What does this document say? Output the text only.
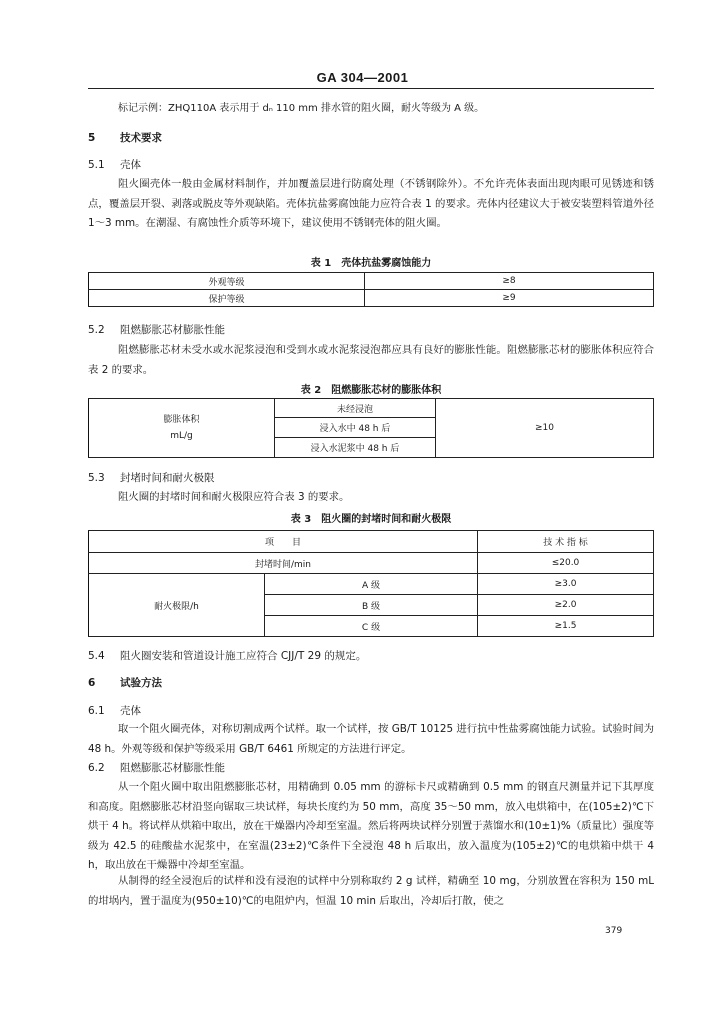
GA 304—2001
标记示例：ZHQ110A 表示用于 dₙ 110 mm 排水管的阻火圈，耐火等级为 A 级。
5 技术要求
5.1 壳体
阻火圈壳体一般由金属材料制作，并加覆盖层进行防腐处理（不锈钢除外）。不允许壳体表面出现肉眼可见锈迹和锈点，覆盖层开裂、剥落或脱皮等外观缺陷。壳体抗盐雾腐蚀能力应符合表 1 的要求。壳体内径建议大于被安装塑料管道外径 1～3 mm。在潮湿、有腐蚀性介质等环境下，建议使用不锈钢壳体的阻火圈。
表 1　壳体抗盐雾腐蚀能力
外观等级	≥8
保护等级	≥9
5.2 阻燃膨胀芯材膨胀性能
阻燃膨胀芯材未受水或水泥浆浸泡和受到水或水泥浆浸泡都应具有良好的膨胀性能。阻燃膨胀芯材的膨胀体积应符合表 2 的要求。
表 2　阻燃膨胀芯材的膨胀体积
膨胀体积
mL/g
	未经浸泡	≥10
浸入水中 48 h 后
浸入水泥浆中 48 h 后
5.3 封堵时间和耐火极限
阻火圈的封堵时间和耐火极限应符合表 3 的要求。
表 3　阻火圈的封堵时间和耐火极限
项　　目		技 术 指 标
封堵时间/min		≤20.0
耐火极限/h	A 级	≥3.0
	B 级	≥2.0
	C 级	≥1.5
5.4 阻火圈安装和管道设计施工应符合 CJJ/T 29 的规定。
6 试验方法
6.1 壳体
取一个阻火圈壳体，对称切割成两个试样。取一个试样，按 GB/T 10125 进行抗中性盐雾腐蚀能力试验。试验时间为 48 h。外观等级和保护等级采用 GB/T 6461 所规定的方法进行评定。
6.2 阻燃膨胀芯材膨胀性能
从一个阻火圈中取出阻燃膨胀芯材，用精确到 0.05 mm 的游标卡尺或精确到 0.5 mm 的钢直尺测量并记下其厚度和高度。阻燃膨胀芯材沿竖向锯取三块试样，每块长度约为 50 mm，高度 35～50 mm，放入电烘箱中，在(105±2)℃下烘干 4 h。将试样从烘箱中取出，放在干燥器内冷却至室温。然后将两块试样分别置于蒸馏水和(10±1)%（质量比）强度等级为 42.5 的硅酸盐水泥浆中，在室温(23±2)℃条件下全浸泡 48 h 后取出，放入温度为(105±2)℃的电烘箱中烘干 4 h，取出放在干燥器中冷却至室温。
从制得的经全浸泡后的试样和没有浸泡的试样中分别称取约 2 g 试样，精确至 10 mg，分别放置在容积为 150 mL 的坩埚内，置于温度为(950±10)℃的电阻炉内，恒温 10 min 后取出，冷却后打散，使之
379
